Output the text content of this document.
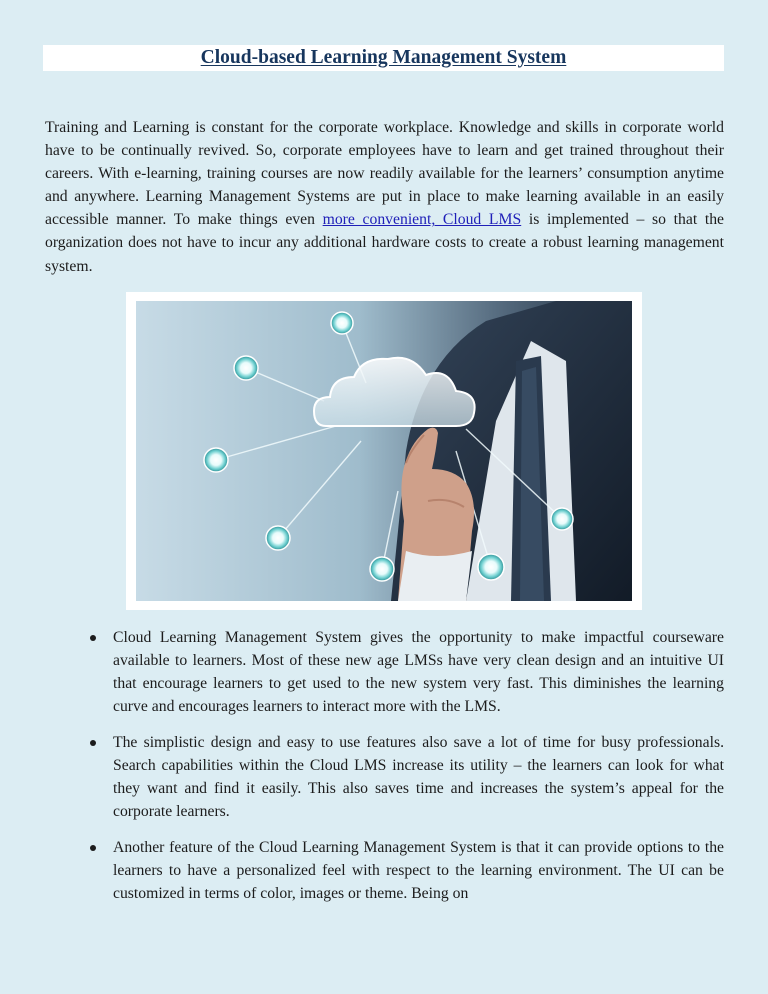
Cloud-based Learning Management System

Training and Learning is constant for the corporate workplace. Knowledge and skills in corporate world have to be continually revived. So, corporate employees have to learn and get trained throughout their careers. With e-learning, training courses are now readily available for the learners’ consumption anytime and anywhere. Learning Management Systems are put in place to make learning available in an easily accessible manner. To make things even more convenient, Cloud LMS is implemented – so that the organization does not have to incur any additional hardware costs to create a robust learning management system.

Cloud Learning Management System gives the opportunity to make impactful courseware available to learners. Most of these new age LMSs have very clean design and an intuitive UI that encourage learners to get used to the new system very fast. This diminishes the learning curve and encourages learners to interact more with the LMS.
The simplistic design and easy to use features also save a lot of time for busy professionals. Search capabilities within the Cloud LMS increase its utility – the learners can look for what they want and find it easily. This also saves time and increases the system’s appeal for the corporate learners.
Another feature of the Cloud Learning Management System is that it can provide options to the learners to have a personalized feel with respect to the learning environment. The UI can be customized in terms of color, images or theme. Being on
